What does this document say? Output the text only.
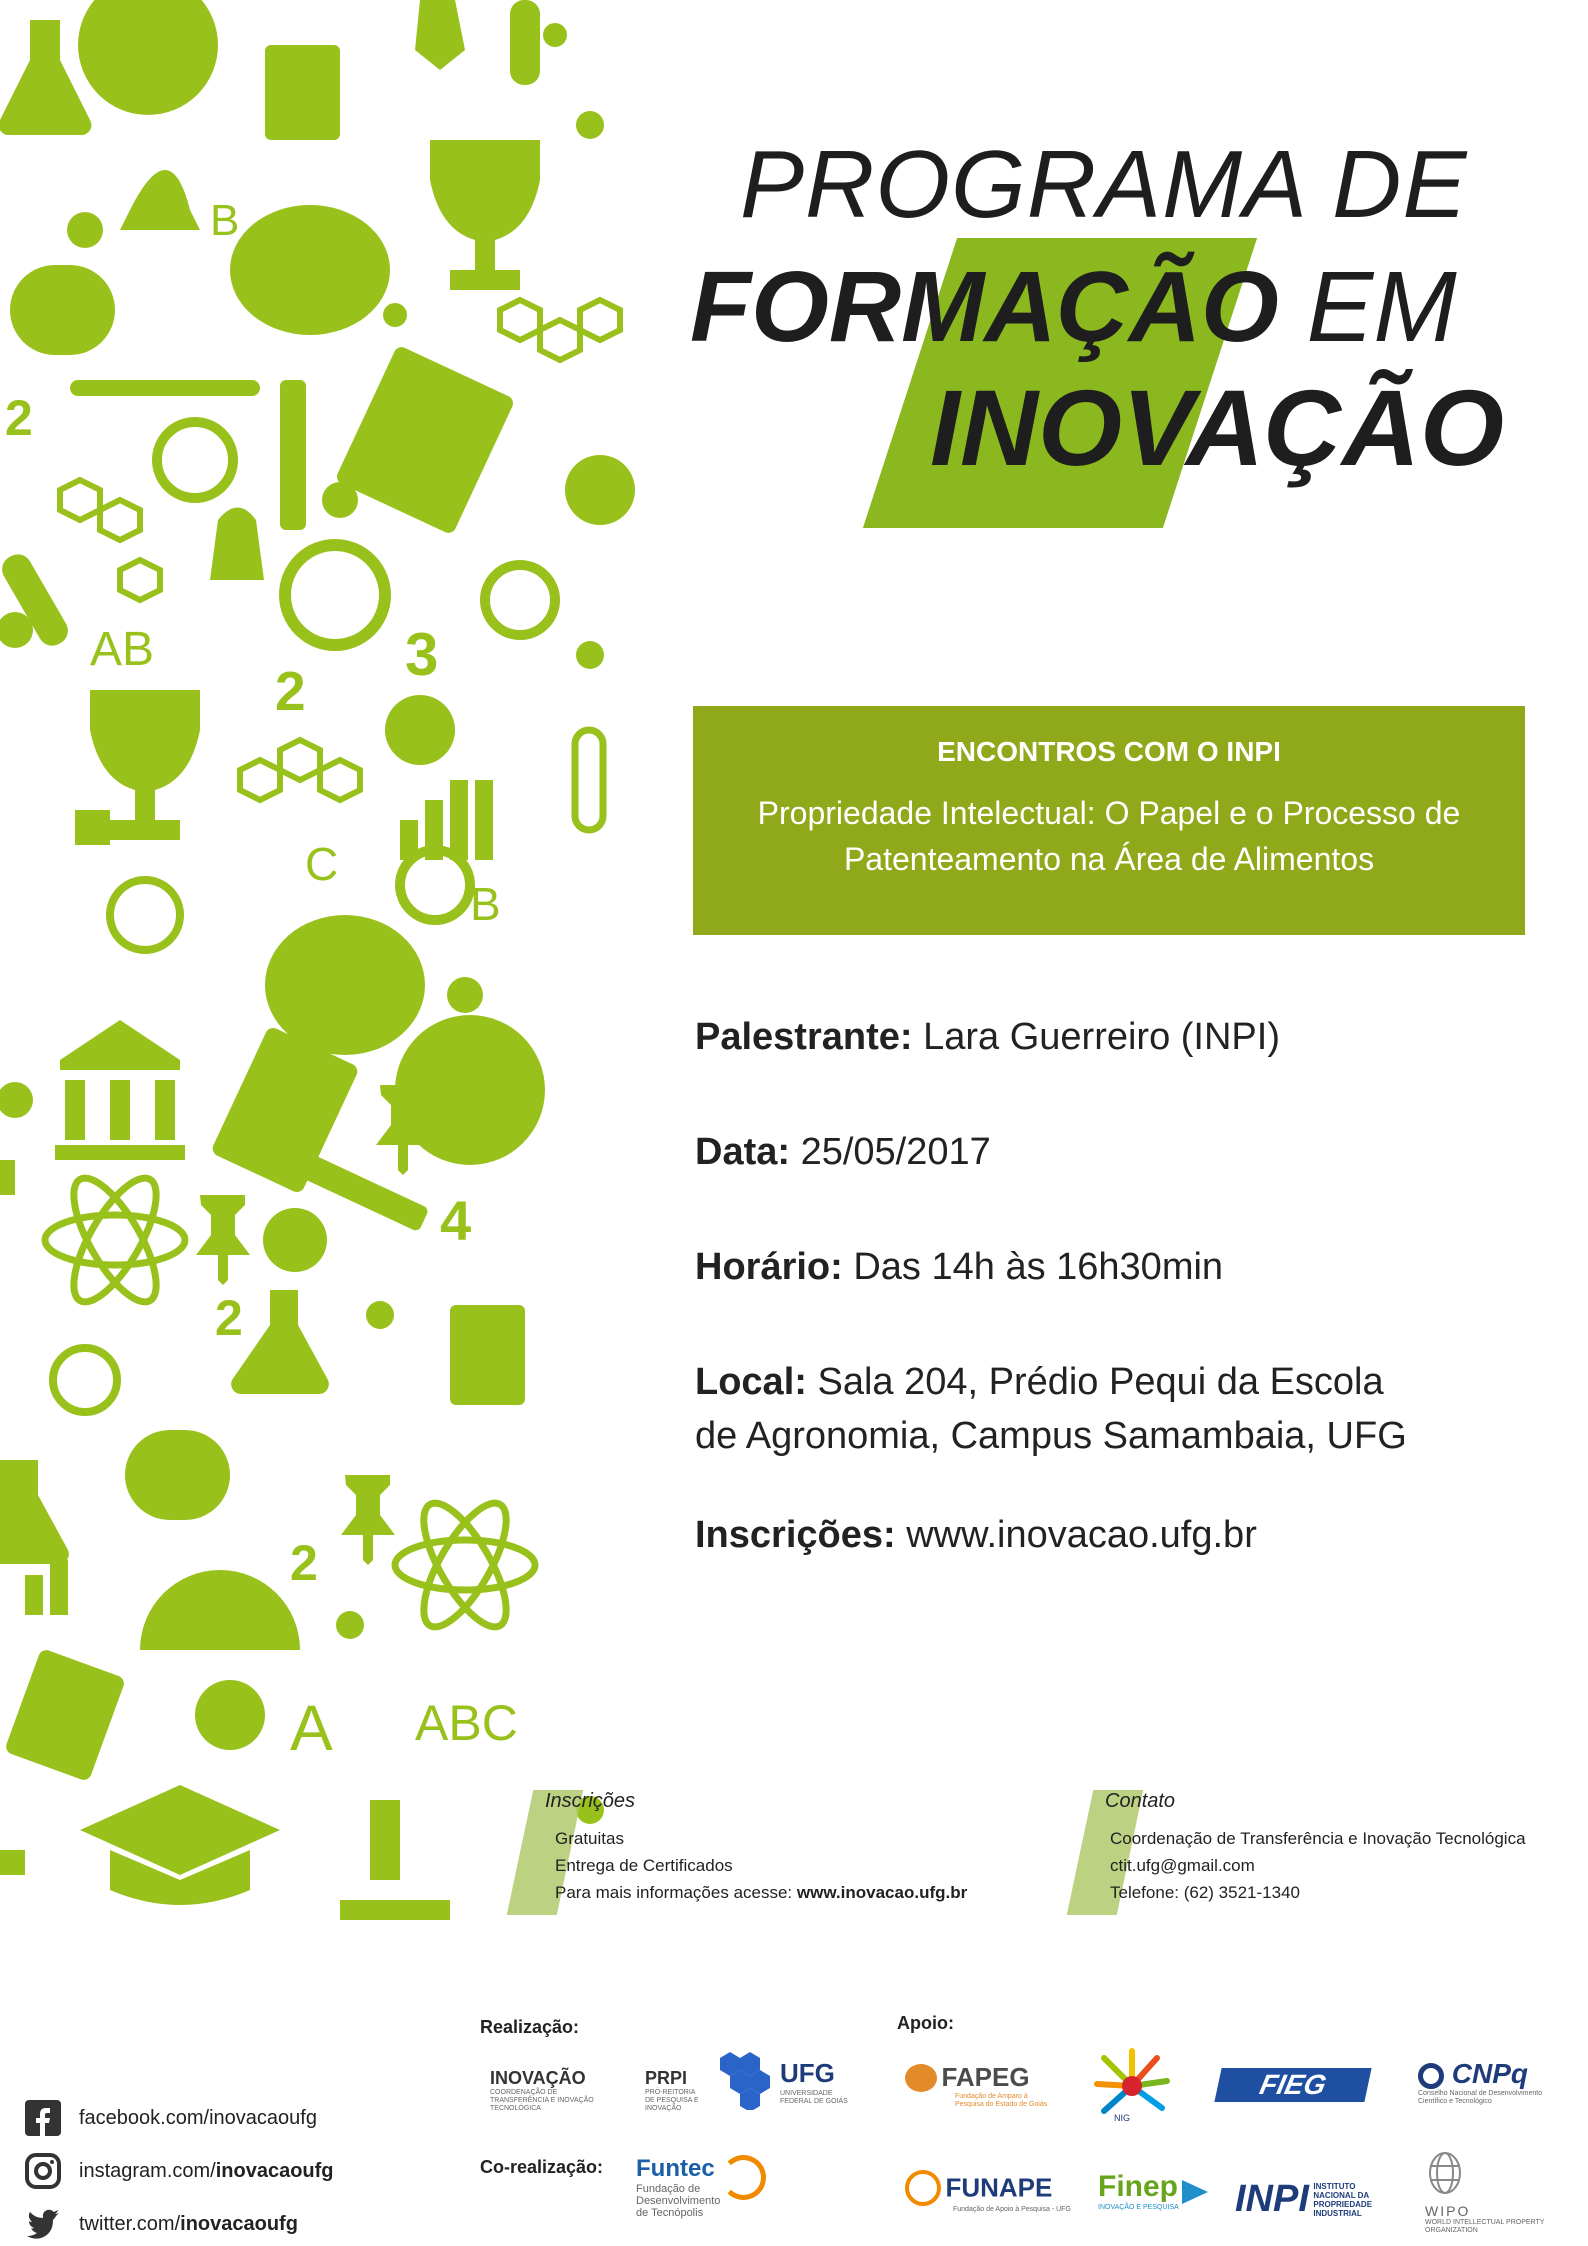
B
2
AB	3
2
C
B
4
2
2
A ABC
PROGRAMA DE
FORMAÇÃO EM
INOVAÇÃO
ENCONTROS COM O INPI
Propriedade Intelectual: O Papel e o Processo de
Patenteamento na Área de Alimentos
Palestrante: Lara Guerreiro (INPI)
Data: 25/05/2017
Horário: Das 14h às 16h30min
Local: Sala 204, Prédio Pequi da Escola
de Agronomia, Campus Samambaia, UFG
Inscrições: www.inovacao.ufg.br
Inscrições
Gratuitas
Entrega de Certificados
Para mais informações acesse: www.inovacao.ufg.br
Contato
Coordenação de Transferência e Inovação Tecnológica
ctit.ufg@gmail.com
Telefone: (62) 3521-1340
Realização:	Apoio:
Co-realização:
INOVAÇÃO
COORDENAÇÃO DE TRANSFERÊNCIA E INOVAÇÃO TECNOLÓGICA
PRPI
PRÓ-REITORIA DE PESQUISA E INOVAÇÃO
UFG
UNIVERSIDADE FEDERAL DE GOIÁS
FAPEG
Fundação de Amparo à Pesquisa do Estado de Goiás
NIG
FIEG	CNPq
Conselho Nacional de Desenvolvimento Científico e Tecnológico
Funtec
Fundação de Desenvolvimento de Tecnópolis
FUNAPE
Fundação de Apoio à Pesquisa - UFG
Finep
INOVAÇÃO E PESQUISA	INPI INSTITUTO NACIONAL DA PROPRIEDADE INDUSTRIAL	WIPO
WORLD INTELLECTUAL PROPERTY ORGANIZATION
facebook.com/ inovacaoufg
instagram.com/ inovacaoufg
twitter.com/ inovacaoufg
